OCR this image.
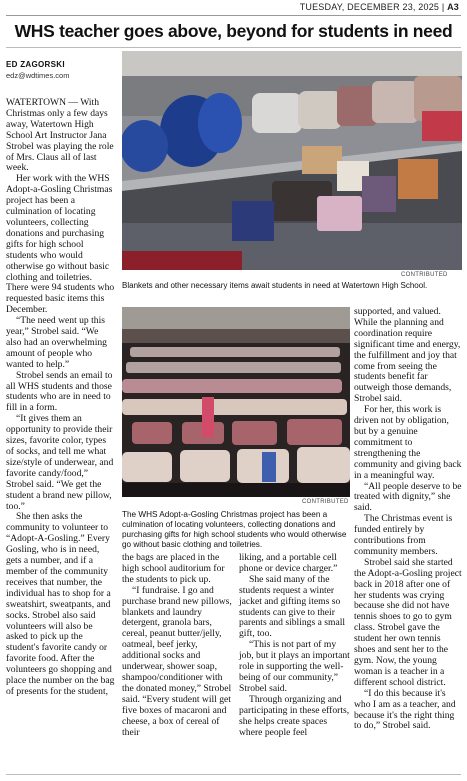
TUESDAY, DECEMBER 23, 2025 | A3
WHS teacher goes above, beyond for students in need
ED ZAGORSKI
edz@wdtimes.com

WATERTOWN — With Christmas only a few days away, Watertown High School Art Instructor Jana Strobel was playing the role of Mrs. Claus all of last week.

Her work with the WHS Adopt-a-Gosling Christmas project has been a culmination of locating volunteers, collecting donations and purchasing gifts for high school students who would otherwise go without basic clothing and toiletries. There were 94 students who requested basic items this December.

“The need went up this year,” Strobel said. “We also had an overwhelming amount of people who wanted to help.”

Strobel sends an email to all WHS students and those students who are in need to fill in a form.

“It gives them an opportunity to provide their sizes, favorite color, types of socks, and tell me what size/style of underwear, and favorite candy/food,” Strobel said. “We get the student a brand new pillow, too.”

She then asks the community to volunteer to “Adopt-A-Gosling.” Every Gosling, who is in need, gets a number, and if a member of the community receives that number, the individual has to shop for a sweatshirt, sweatpants, and socks. Strobel also said volunteers will also be asked to pick up the student's favorite candy or favorite food. After the volunteers go shopping and place the number on the bag of presents for the student,

CONTRIBUTED
Blankets and other necessary items await students in need at Watertown High School.
CONTRIBUTED
The WHS Adopt-a-Gosling Christmas project has been a culmination of locating volunteers, collecting donations and purchasing gifts for high school students who would otherwise go without basic clothing and toiletries.

the bags are placed in the high school auditorium for the students to pick up.

“I fundraise. I go and purchase brand new pillows, blankets and laundry detergent, granola bars, cereal, peanut butter/jelly, oatmeal, beef jerky, additional socks and underwear, shower soap, shampoo/conditioner with the donated money,” Strobel said. “Every student will get five boxes of macaroni and cheese, a box of cereal of their

liking, and a portable cell phone or device charger.”

She said many of the students request a winter jacket and gifting items so students can give to their parents and siblings a small gift, too.

“This is not part of my job, but it plays an important role in supporting the well-being of our community,” Strobel said.

Through organizing and participating in these efforts, she helps create spaces where people feel

supported, and valued. While the planning and coordination require significant time and energy, the fulfillment and joy that come from seeing the students benefit far outweigh those demands, Strobel said.

For her, this work is driven not by obligation, but by a genuine commitment to strengthening the community and giving back in a meaningful way.

“All people deserve to be treated with dignity,” she said.

The Christmas event is funded entirely by contributions from community members.

Strobel said she started the Adopt-a-Gosling project back in 2018 after one of her students was crying because she did not have tennis shoes to go to gym class. Strobel gave the student her own tennis shoes and sent her to the gym. Now, the young woman is a teacher in a different school district.

“I do this because it's who I am as a teacher, and because it's the right thing to do,” Strobel said.
